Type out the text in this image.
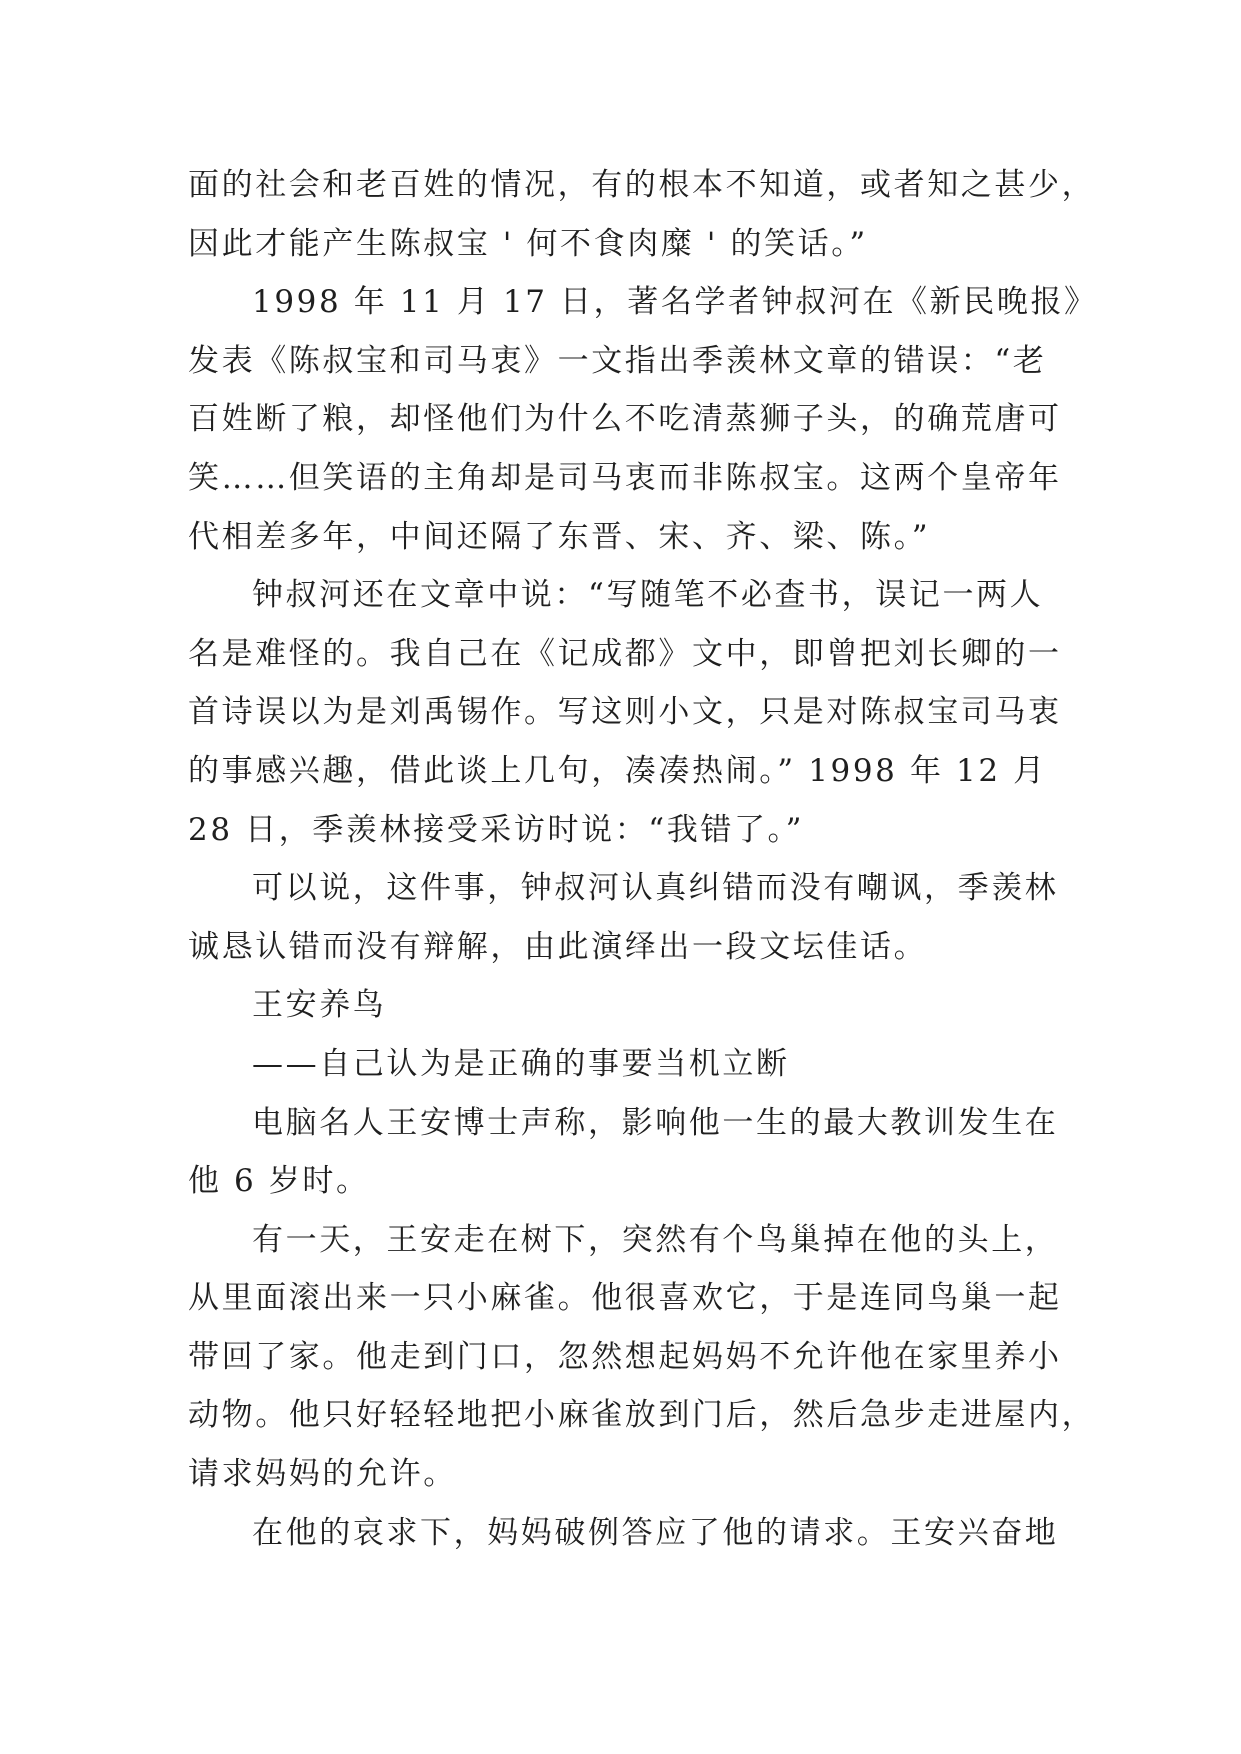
面的社会和老百姓的情况，有的根本不知道，或者知之甚少，
因此才能产生陈叔宝 ' 何不食肉糜 ' 的笑话。”
1998 年 11 月 17 日，著名学者钟叔河在《新民晚报》
发表《陈叔宝和司马衷》一文指出季羡林文章的错误：“老
百姓断了粮，却怪他们为什么不吃清蒸狮子头，的确荒唐可
笑……但笑语的主角却是司马衷而非陈叔宝。这两个皇帝年
代相差多年，中间还隔了东晋、宋、齐、梁、陈。”
钟叔河还在文章中说：“写随笔不必查书，误记一两人
名是难怪的。我自己在《记成都》文中，即曾把刘长卿的一
首诗误以为是刘禹锡作。写这则小文，只是对陈叔宝司马衷
的事感兴趣，借此谈上几句，凑凑热闹。” 1998 年 12 月
28 日，季羡林接受采访时说：“我错了。”
可以说，这件事，钟叔河认真纠错而没有嘲讽，季羡林
诚恳认错而没有辩解，由此演绎出一段文坛佳话。
王安养鸟
——自己认为是正确的事要当机立断
电脑名人王安博士声称，影响他一生的最大教训发生在
他 6 岁时。
有一天，王安走在树下，突然有个鸟巢掉在他的头上，
从里面滚出来一只小麻雀。他很喜欢它，于是连同鸟巢一起
带回了家。他走到门口，忽然想起妈妈不允许他在家里养小
动物。他只好轻轻地把小麻雀放到门后，然后急步走进屋内，
请求妈妈的允许。
在他的哀求下，妈妈破例答应了他的请求。王安兴奋地
